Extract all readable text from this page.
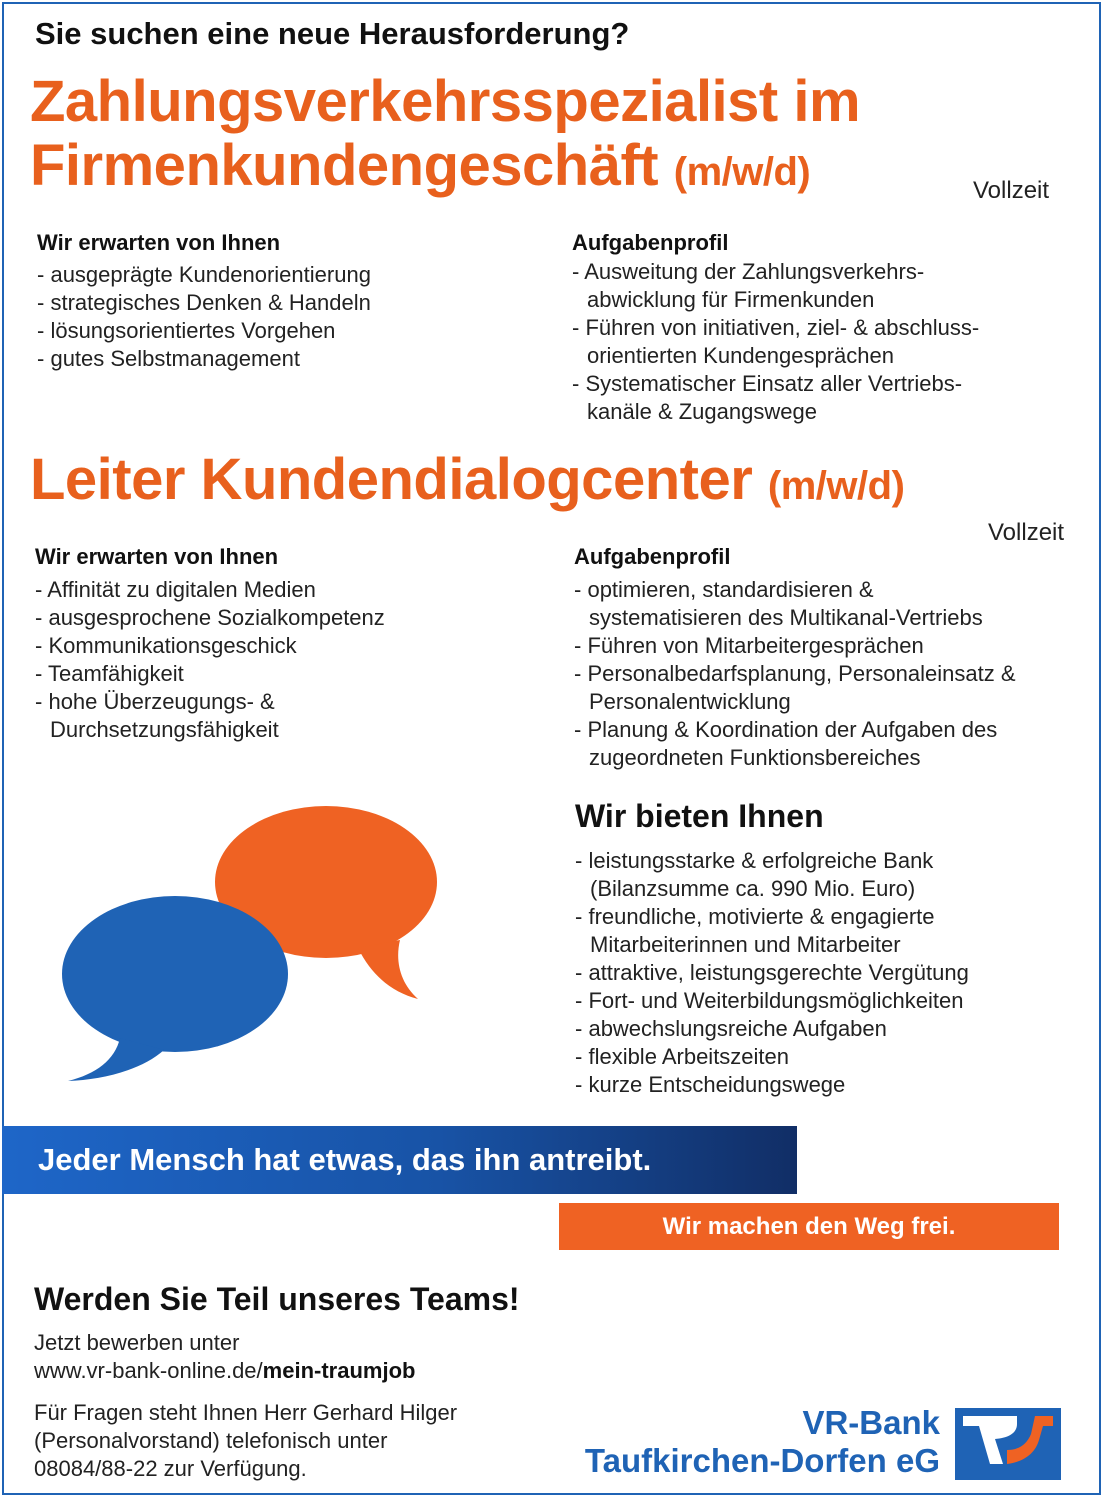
Sie suchen eine neue Herausforderung?
Zahlungsverkehrsspezialist im
Firmenkundengeschäft (m/w/d)	Vollzeit
Wir erwarten von Ihnen
- ausgeprägte Kundenorientierung
- strategisches Denken & Handeln
- lösungsorientiertes Vorgehen
- gutes Selbstmanagement
Aufgabenprofil
- Ausweitung der Zahlungsverkehrs-
abwicklung für Firmenkunden
- Führen von initiativen, ziel- & abschluss-
orientierten Kundengesprächen
- Systematischer Einsatz aller Vertriebs-
kanäle & Zugangswege
Leiter Kundendialogcenter (m/w/d)
Vollzeit
Wir erwarten von Ihnen
- Affinität zu digitalen Medien
- ausgesprochene Sozialkompetenz
- Kommunikationsgeschick
- Teamfähigkeit
- hohe Überzeugungs- &
Durchsetzungsfähigkeit
Aufgabenprofil
- optimieren, standardisieren &
systematisieren des Multikanal-Vertriebs
- Führen von Mitarbeitergesprächen
- Personalbedarfsplanung, Personaleinsatz &
Personalentwicklung
- Planung & Koordination der Aufgaben des
zugeordneten Funktionsbereiches
Wir bieten Ihnen
- leistungsstarke & erfolgreiche Bank
(Bilanzsumme ca. 990 Mio. Euro)
- freundliche, motivierte & engagierte
Mitarbeiterinnen und Mitarbeiter
- attraktive, leistungsgerechte Vergütung
- Fort- und Weiterbildungsmöglichkeiten
- abwechslungsreiche Aufgaben
- flexible Arbeitszeiten
- kurze Entscheidungswege
Jeder Mensch hat etwas, das ihn antreibt.
Wir machen den Weg frei.
Werden Sie Teil unseres Teams!
Jetzt bewerben unter
www.vr-bank-online.de/mein-traumjob
Für Fragen steht Ihnen Herr Gerhard Hilger
(Personalvorstand) telefonisch unter
08084/88-22 zur Verfügung.
VR-Bank
Taufkirchen-Dorfen eG
